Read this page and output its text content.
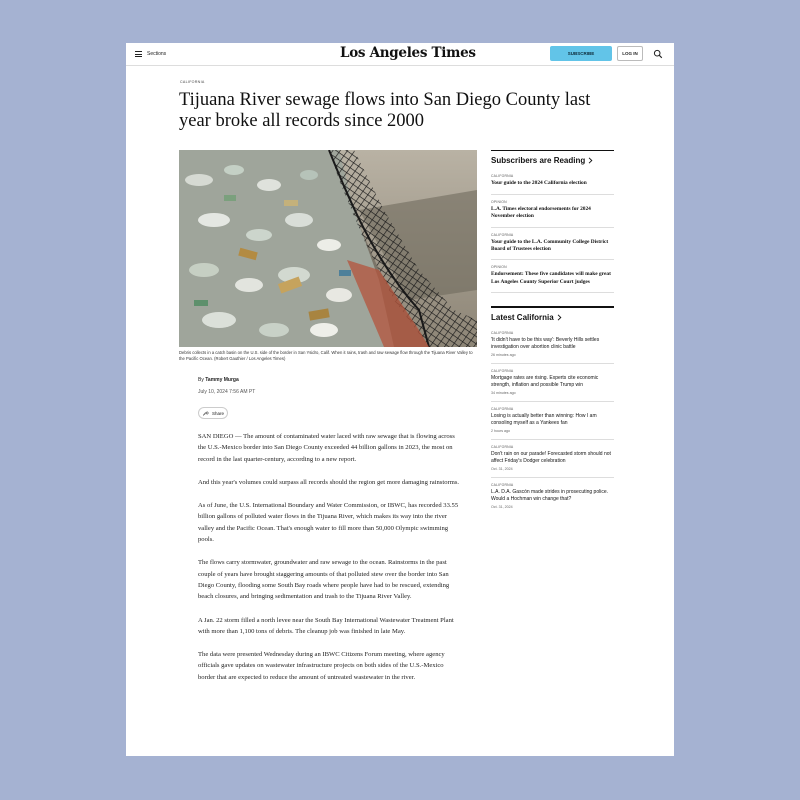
Sections	Los Angeles Times	SUBSCRIBE	LOG IN
CALIFORNIA
Tijuana River sewage flows into San Diego County last year broke all records since 2000
Debris collects in a catch basin on the U.S. side of the border in San Ysidro, Calif. When it rains, trash and raw sewage flow through the Tijuana River Valley to the Pacific Ocean. (Robert Gauthier / Los Angeles Times)
By Tammy Murga
July 10, 2024 7:56 AM PT
Share

SAN DIEGO — The amount of contaminated water laced with raw sewage that is flowing across the U.S.-Mexico border into San Diego County exceeded 44 billion gallons in 2023, the most on record in the last quarter-century, according to a new report.

And this year's volumes could surpass all records should the region get more damaging rainstorms.

As of June, the U.S. International Boundary and Water Commission, or IBWC, has recorded 33.55 billion gallons of polluted water flows in the Tijuana River, which makes its way into the river valley and the Pacific Ocean. That's enough water to fill more than 50,000 Olympic swimming pools.

The flows carry stormwater, groundwater and raw sewage to the ocean. Rainstorms in the past couple of years have brought staggering amounts of that polluted stew over the border into San Diego County, flooding some South Bay roads where people have had to be rescued, extending beach closures, and bringing sedimentation and trash to the Tijuana River Valley.

A Jan. 22 storm filled a north levee near the South Bay International Wastewater Treatment Plant with more than 1,100 tons of debris. The cleanup job was finished in late May.

The data were presented Wednesday during an IBWC Citizens Forum meeting, where agency officials gave updates on wastewater infrastructure projects on both sides of the U.S.-Mexico border that are expected to reduce the amount of untreated wastewater in the river.

Subscribers are Reading
CALIFORNIA
Your guide to the 2024 California election
OPINION
L.A. Times electoral endorsements for 2024 November election
CALIFORNIA
Your guide to the L.A. Community College District Board of Trustees election
OPINION
Endorsement: These five candidates will make great Los Angeles County Superior Court judges
Latest California
CALIFORNIA
'It didn't have to be this way': Beverly Hills settles investigation over abortion clinic battle
26 minutes ago
CALIFORNIA
Mortgage rates are rising. Experts cite economic strength, inflation and possible Trump win
34 minutes ago
CALIFORNIA
Losing is actually better than winning: How I am consoling myself as a Yankees fan
2 hours ago
CALIFORNIA
Don't rain on our parade! Forecasted storm should not affect Friday's Dodger celebration
Oct. 31, 2024
CALIFORNIA
L.A. D.A. Gascón made strides in prosecuting police. Would a Hochman win change that?
Oct. 31, 2024
